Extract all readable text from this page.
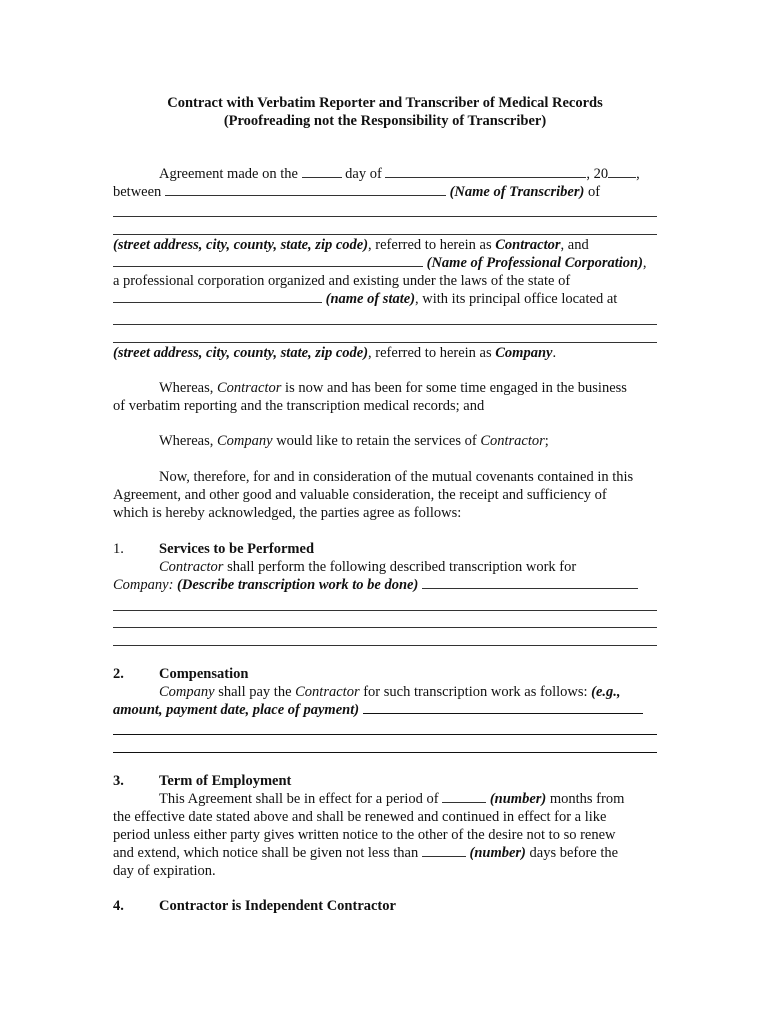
Contract with Verbatim Reporter and Transcriber of Medical Records
(Proofreading not the Responsibility of Transcriber)
Agreement made on the	day of	, 20 ,
between	(Name of Transcriber) of
(street address, city, county, state, zip code), referred to herein as Contractor, and
(Name of Professional Corporation),
a professional corporation organized and existing under the laws of the state of
(name of state), with its principal office located at
(street address, city, county, state, zip code), referred to herein as Company.
Whereas, Contractor is now and has been for some time engaged in the business
of verbatim reporting and the transcription medical records; and
Whereas, Company would like to retain the services of Contractor;
Now, therefore, for and in consideration of the mutual covenants contained in this
Agreement, and other good and valuable consideration, the receipt and sufficiency of
which is hereby acknowledged, the parties agree as follows:
1. Services to be Performed
Contractor shall perform the following described transcription work for
Company: (Describe transcription work to be done)
2. Compensation
Company shall pay the Contractor for such transcription work as follows: (e.g.,
amount, payment date, place of payment)
3. Term of Employment
This Agreement shall be in effect for a period of	(number) months from
the effective date stated above and shall be renewed and continued in effect for a like
period unless either party gives written notice to the other of the desire not to so renew
and extend, which notice shall be given not less than	(number) days before the
day of expiration.
4. Contractor is Independent Contractor
